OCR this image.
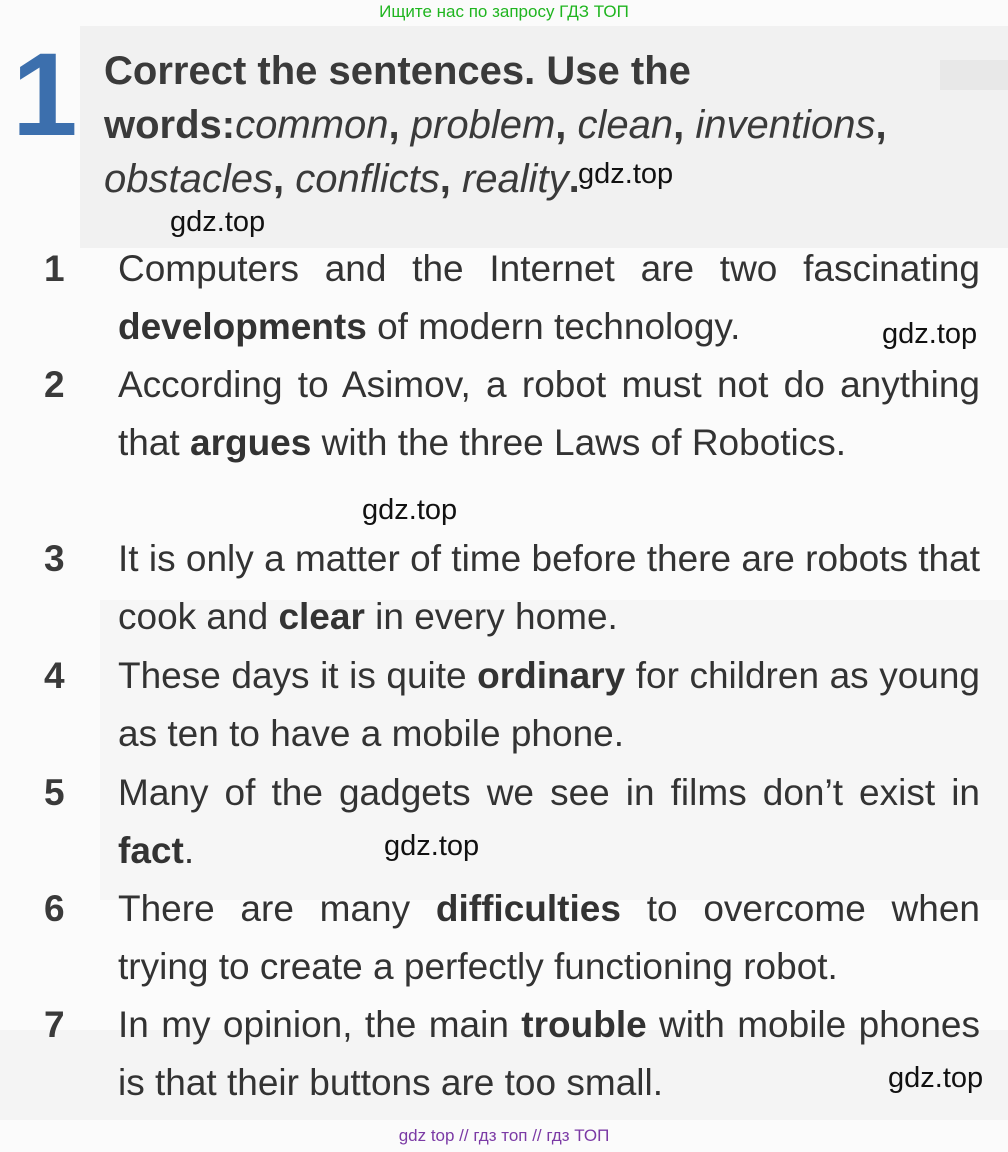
Ищите нас по запросу ГДЗ ТОП
1 Correct the sentences. Use the words:common, problem, clean, inventions, obstacles, conflicts, reality.
1	Computers and the Internet are two fascinating developments of modern technology.
2	According to Asimov, a robot must not do anything that argues with the three Laws of Robotics.
3	It is only a matter of time before there are robots that cook and clear in every home.
4	These days it is quite ordinary for children as young as ten to have a mobile phone.
5	Many of the gadgets we see in films don’t exist in fact.
6	There are many difficulties to overcome when trying to create a perfectly functioning robot.
7	In my opinion, the main trouble with mobile phones is that their buttons are too small.
gdz.top
gdz.top
gdz.top
gdz.top
gdz.top
gdz.top
gdz top // гдз топ // гдз ТОП
